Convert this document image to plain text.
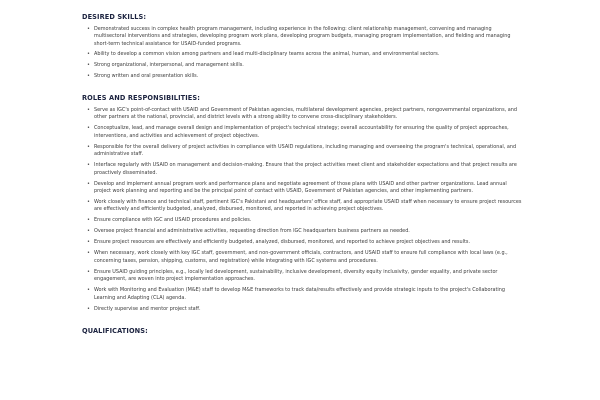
DESIRED SKILLS:
• Demonstrated success in complex health program management, including experience in the following: client relationship management, convening and managing multisectoral interventions and strategies, developing program work plans, developing program budgets, managing program implementation, and fielding and managing short-term technical assistance for USAID-funded programs.
• Ability to develop a common vision among partners and lead multi-disciplinary teams across the animal, human, and environmental sectors.
• Strong organizational, interpersonal, and management skills.
• Strong written and oral presentation skills.
ROLES AND RESPONSIBILITIES:
• Serve as IGC's point-of-contact with USAID and Government of Pakistan agencies, multilateral development agencies, project partners, nongovernmental organizations, and other partners at the national, provincial, and district levels with a strong ability to convene cross-disciplinary stakeholders.
• Conceptualize, lead, and manage overall design and implementation of project's technical strategy; overall accountability for ensuring the quality of project approaches, interventions, and activities and achievement of project objectives.
• Responsible for the overall delivery of project activities in compliance with USAID regulations, including managing and overseeing the program's technical, operational, and administrative staff.
• Interface regularly with USAID on management and decision-making. Ensure that the project activities meet client and stakeholder expectations and that project results are proactively disseminated.
• Develop and implement annual program work and performance plans and negotiate agreement of those plans with USAID and other partner organizations. Lead annual project work planning and reporting and be the principal point of contact with USAID, Government of Pakistan agencies, and other implementing partners.
• Work closely with finance and technical staff, pertinent IGC's Pakistani and headquarters' office staff, and appropriate USAID staff when necessary to ensure project resources are effectively and efficiently budgeted, analyzed, disbursed, monitored, and reported in achieving project objectives.
• Ensure compliance with IGC and USAID procedures and policies.
• Oversee project financial and administrative activities, requesting direction from IGC headquarters business partners as needed.
• Ensure project resources are effectively and efficiently budgeted, analyzed, disbursed, monitored, and reported to achieve project objectives and results.
• When necessary, work closely with key IGC staff, government, and non-government officials, contractors, and USAID staff to ensure full compliance with local laws (e.g., concerning taxes, pension, shipping, customs, and registration) while integrating with IGC systems and procedures.
• Ensure USAID guiding principles, e.g., locally led development, sustainability, inclusive development, diversity equity inclusivity, gender equality, and private sector engagement, are woven into project implementation approaches.
• Work with Monitoring and Evaluation (M&E) staff to develop M&E frameworks to track data/results effectively and provide strategic inputs to the project's Collaborating Learning and Adapting (CLA) agenda.
• Directly supervise and mentor project staff.
QUALIFICATIONS:
